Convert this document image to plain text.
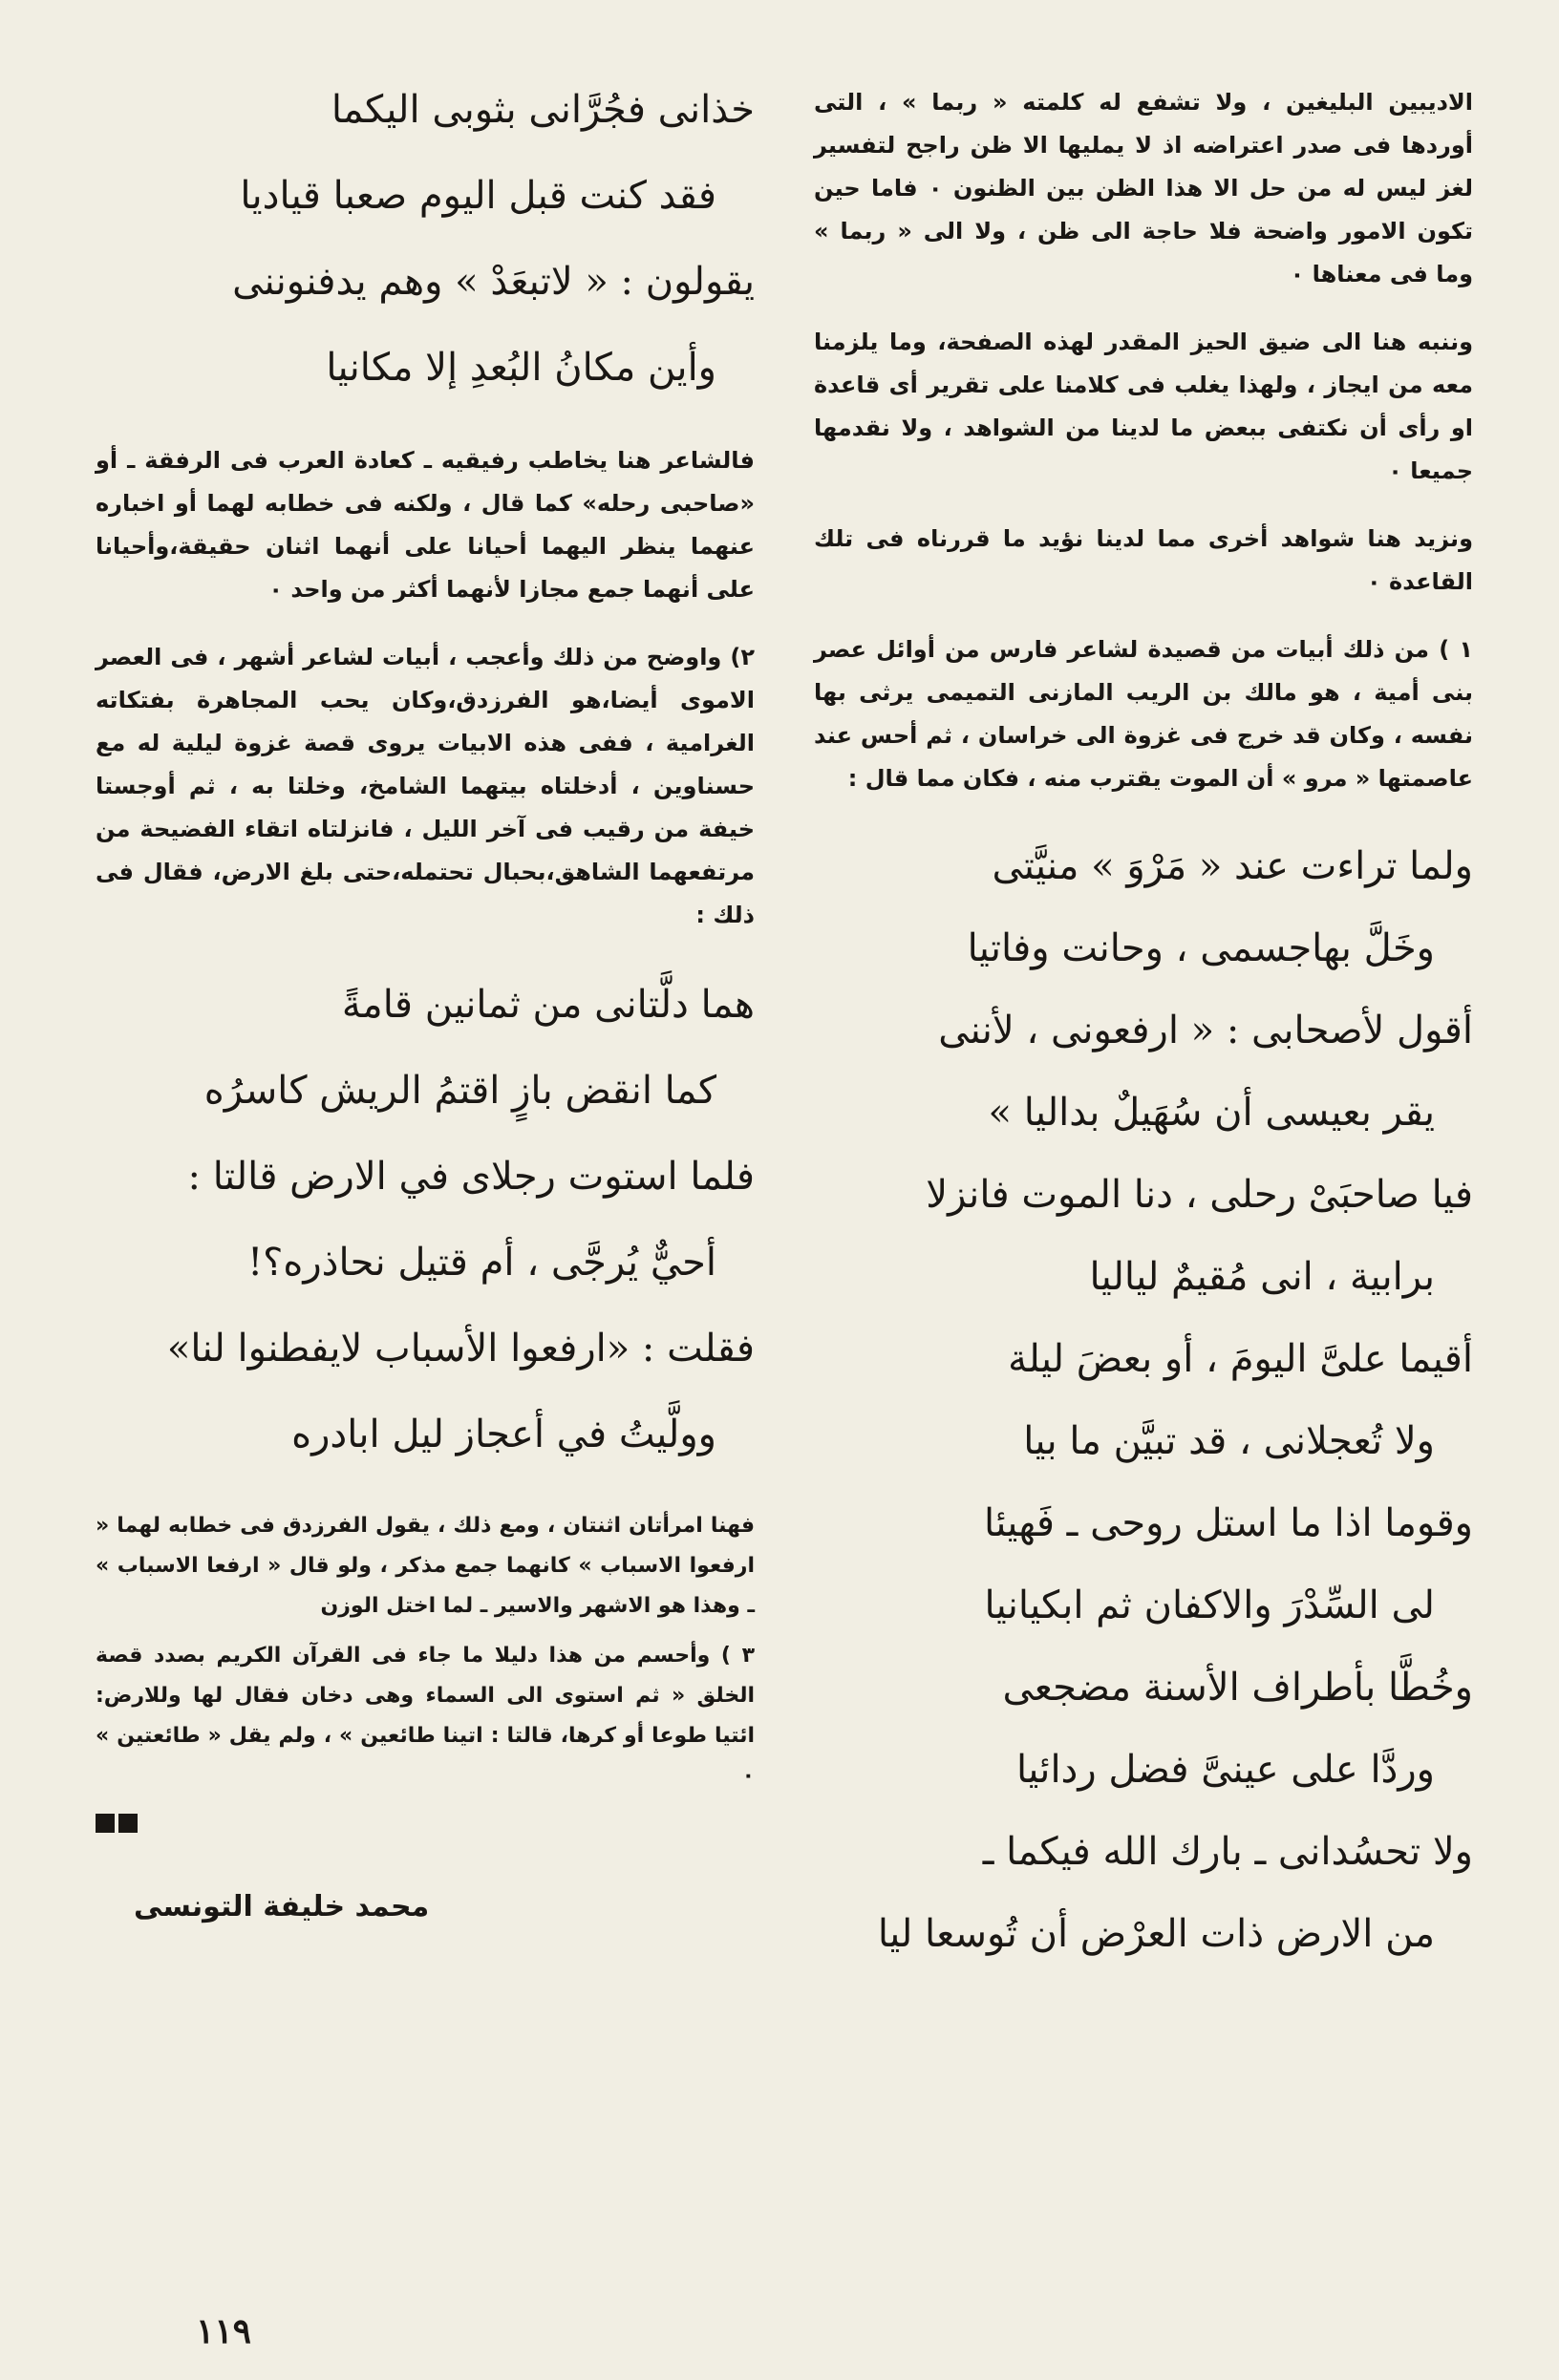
الاديبين البليغين ، ولا تشفع له كلمته « ربما » ، التى أوردها فى صدر اعتراضه اذ لا يمليها الا ظن راجح لتفسير لغز ليس له من حل الا هذا الظن بين الظنون ٠ فاما حين تكون الامور واضحة فلا حاجة الى ظن ، ولا الى « ربما » وما فى معناها ٠

وننبه هنا الى ضيق الحيز المقدر لهذه الصفحة، وما يلزمنا معه من ايجاز ، ولهذا يغلب فى كلامنا على تقرير أى قاعدة او رأى أن نكتفى ببعض ما لدينا من الشواهد ، ولا نقدمها جميعا ٠

ونزيد هنا شواهد أخرى مما لدينا نؤيد ما قررناه فى تلك القاعدة ٠

١ ) من ذلك أبيات من قصيدة لشاعر فارس من أوائل عصر بنى أمية ، هو مالك بن الريب المازنى التميمى يرثى بها نفسه ، وكان قد خرج فى غزوة الى خراسان ، ثم أحس عند عاصمتها « مرو » أن الموت يقترب منه ، فكان مما قال :

ولما تراءت عند « مَرْوَ » منيَّتى
وخَلَّ بهاجسمى ، وحانت وفاتيا
أقول لأصحابى : « ارفعونى ، لأننى
يقر بعيسى أن سُهَيلٌ بداليا »
فيا صاحبَىْ رحلى ، دنا الموت فانزلا
برابية ، انى مُقيمٌ لياليا
أقيما علىَّ اليومَ ، أو بعضَ ليلة
ولا تُعجلانى ، قد تبيَّن ما بيا
وقوما اذا ما استل روحى ـ فَهيئا
لى السِّدْرَ والاكفان ثم ابكيانيا
وخُطَّا بأطراف الأسنة مضجعى
وردَّا على عينىَّ فضل ردائيا
ولا تحسُدانى ـ بارك الله فيكما ـ
من الارض ذات العرْض أن تُوسعا ليا
خذانى فجُرَّانى بثوبى اليكما
فقد كنت قبل اليوم صعبا قياديا
يقولون : « لاتبعَدْ » وهم يدفنوننى
وأين مكانُ البُعدِ إلا مكانيا

فالشاعر هنا يخاطب رفيقيه ـ كعادة العرب فى الرفقة ـ أو «صاحبى رحله» كما قال ، ولكنه فى خطابه لهما أو اخباره عنهما ينظر اليهما أحيانا على أنهما اثنان حقيقة،وأحيانا على أنهما جمع مجازا لأنهما أكثر من واحد ٠

٢) واوضح من ذلك وأعجب ، أبيات لشاعر أشهر ، فى العصر الاموى أيضا،هو الفرزدق،وكان يحب المجاهرة بفتكاته الغرامية ، ففى هذه الابيات يروى قصة غزوة ليلية له مع حسناوين ، أدخلتاه بيتهما الشامخ، وخلتا به ، ثم أوجستا خيفة من رقيب فى آخر الليل ، فانزلتاه اتقاء الفضيحة من مرتفعهما الشاهق،بحبال تحتمله،حتى بلغ الارض، فقال فى ذلك :

هما دلَّتانى من ثمانين قامةً
كما انقض بازٍ اقتمُ الريش كاسرُه
فلما استوت رجلاى في الارض قالتا :
أحيٌّ يُرجَّى ، أم قتيل نحاذره؟!
فقلت : «ارفعوا الأسباب لايفطنوا لنا»
وولَّيتُ في أعجاز ليل ابادره

فهنا امرأتان اثنتان ، ومع ذلك ، يقول الفرزدق فى خطابه لهما « ارفعوا الاسباب » كانهما جمع مذكر ، ولو قال « ارفعا الاسباب » ـ وهذا هو الاشهر والاسير ـ لما اختل الوزن

٣ ) وأحسم من هذا دليلا ما جاء فى القرآن الكريم بصدد قصة الخلق « ثم استوى الى السماء وهى دخان فقال لها وللارض: ائتيا طوعا أو كرها، قالتا : اتينا طائعين » ، ولم يقل « طائعتين » ٠

محمد خليفة التونسى
١١٩
